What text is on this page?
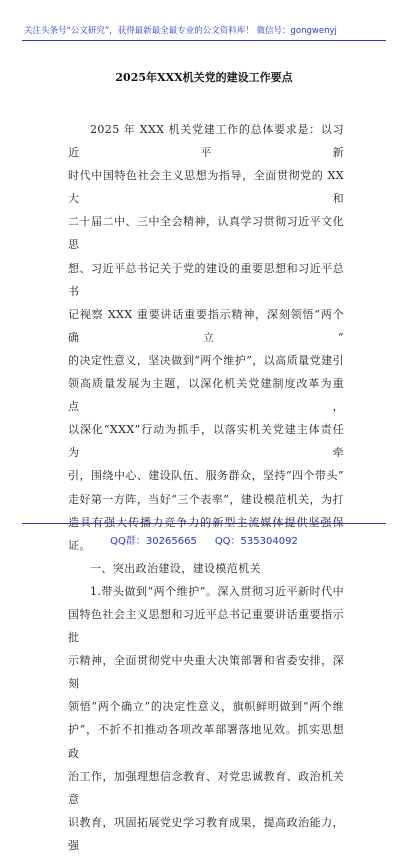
关注头条号“公文研究”，获得最新最全最专业的公文资料库！ 微信号：gongwenyj
2025年XXX机关党的建设工作要点
2025 年 XXX 机关党建工作的总体要求是：以习近平新
时代中国特色社会主义思想为指导，全面贯彻党的 XX 大和
二十届二中、三中全会精神，认真学习贯彻习近平文化思
想、习近平总书记关于党的建设的重要思想和习近平总书
记视察 XXX 重要讲话重要指示精神，深刻领悟“两个确立”
的决定性意义，坚决做到“两个维护”，以高质量党建引
领高质量发展为主题，以深化机关党建制度改革为重点，
以深化“XXX”行动为抓手，以落实机关党建主体责任为牵
引，围绕中心、建设队伍、服务群众，坚持“四个带头”
走好第一方阵，当好“三个表率”，建设模范机关，为打
证。
一、突出政治建设，建设模范机关
1.带头做到“两个维护”。深入贯彻习近平新时代中
国特色社会主义思想和习近平总书记重要讲话重要指示批
示精神，全面贯彻党中央重大决策部署和省委安排，深刻
领悟“两个确立”的决定性意义，旗帜鲜明做到“两个维
护”，不折不扣推动各项改革部署落地见效。抓实思想政
治工作，加强理想信念教育、对党忠诚教育、政治机关意
识教育，巩固拓展党史学习教育成果，提高政治能力，强
QQ群：30265665 QQ：535304092
